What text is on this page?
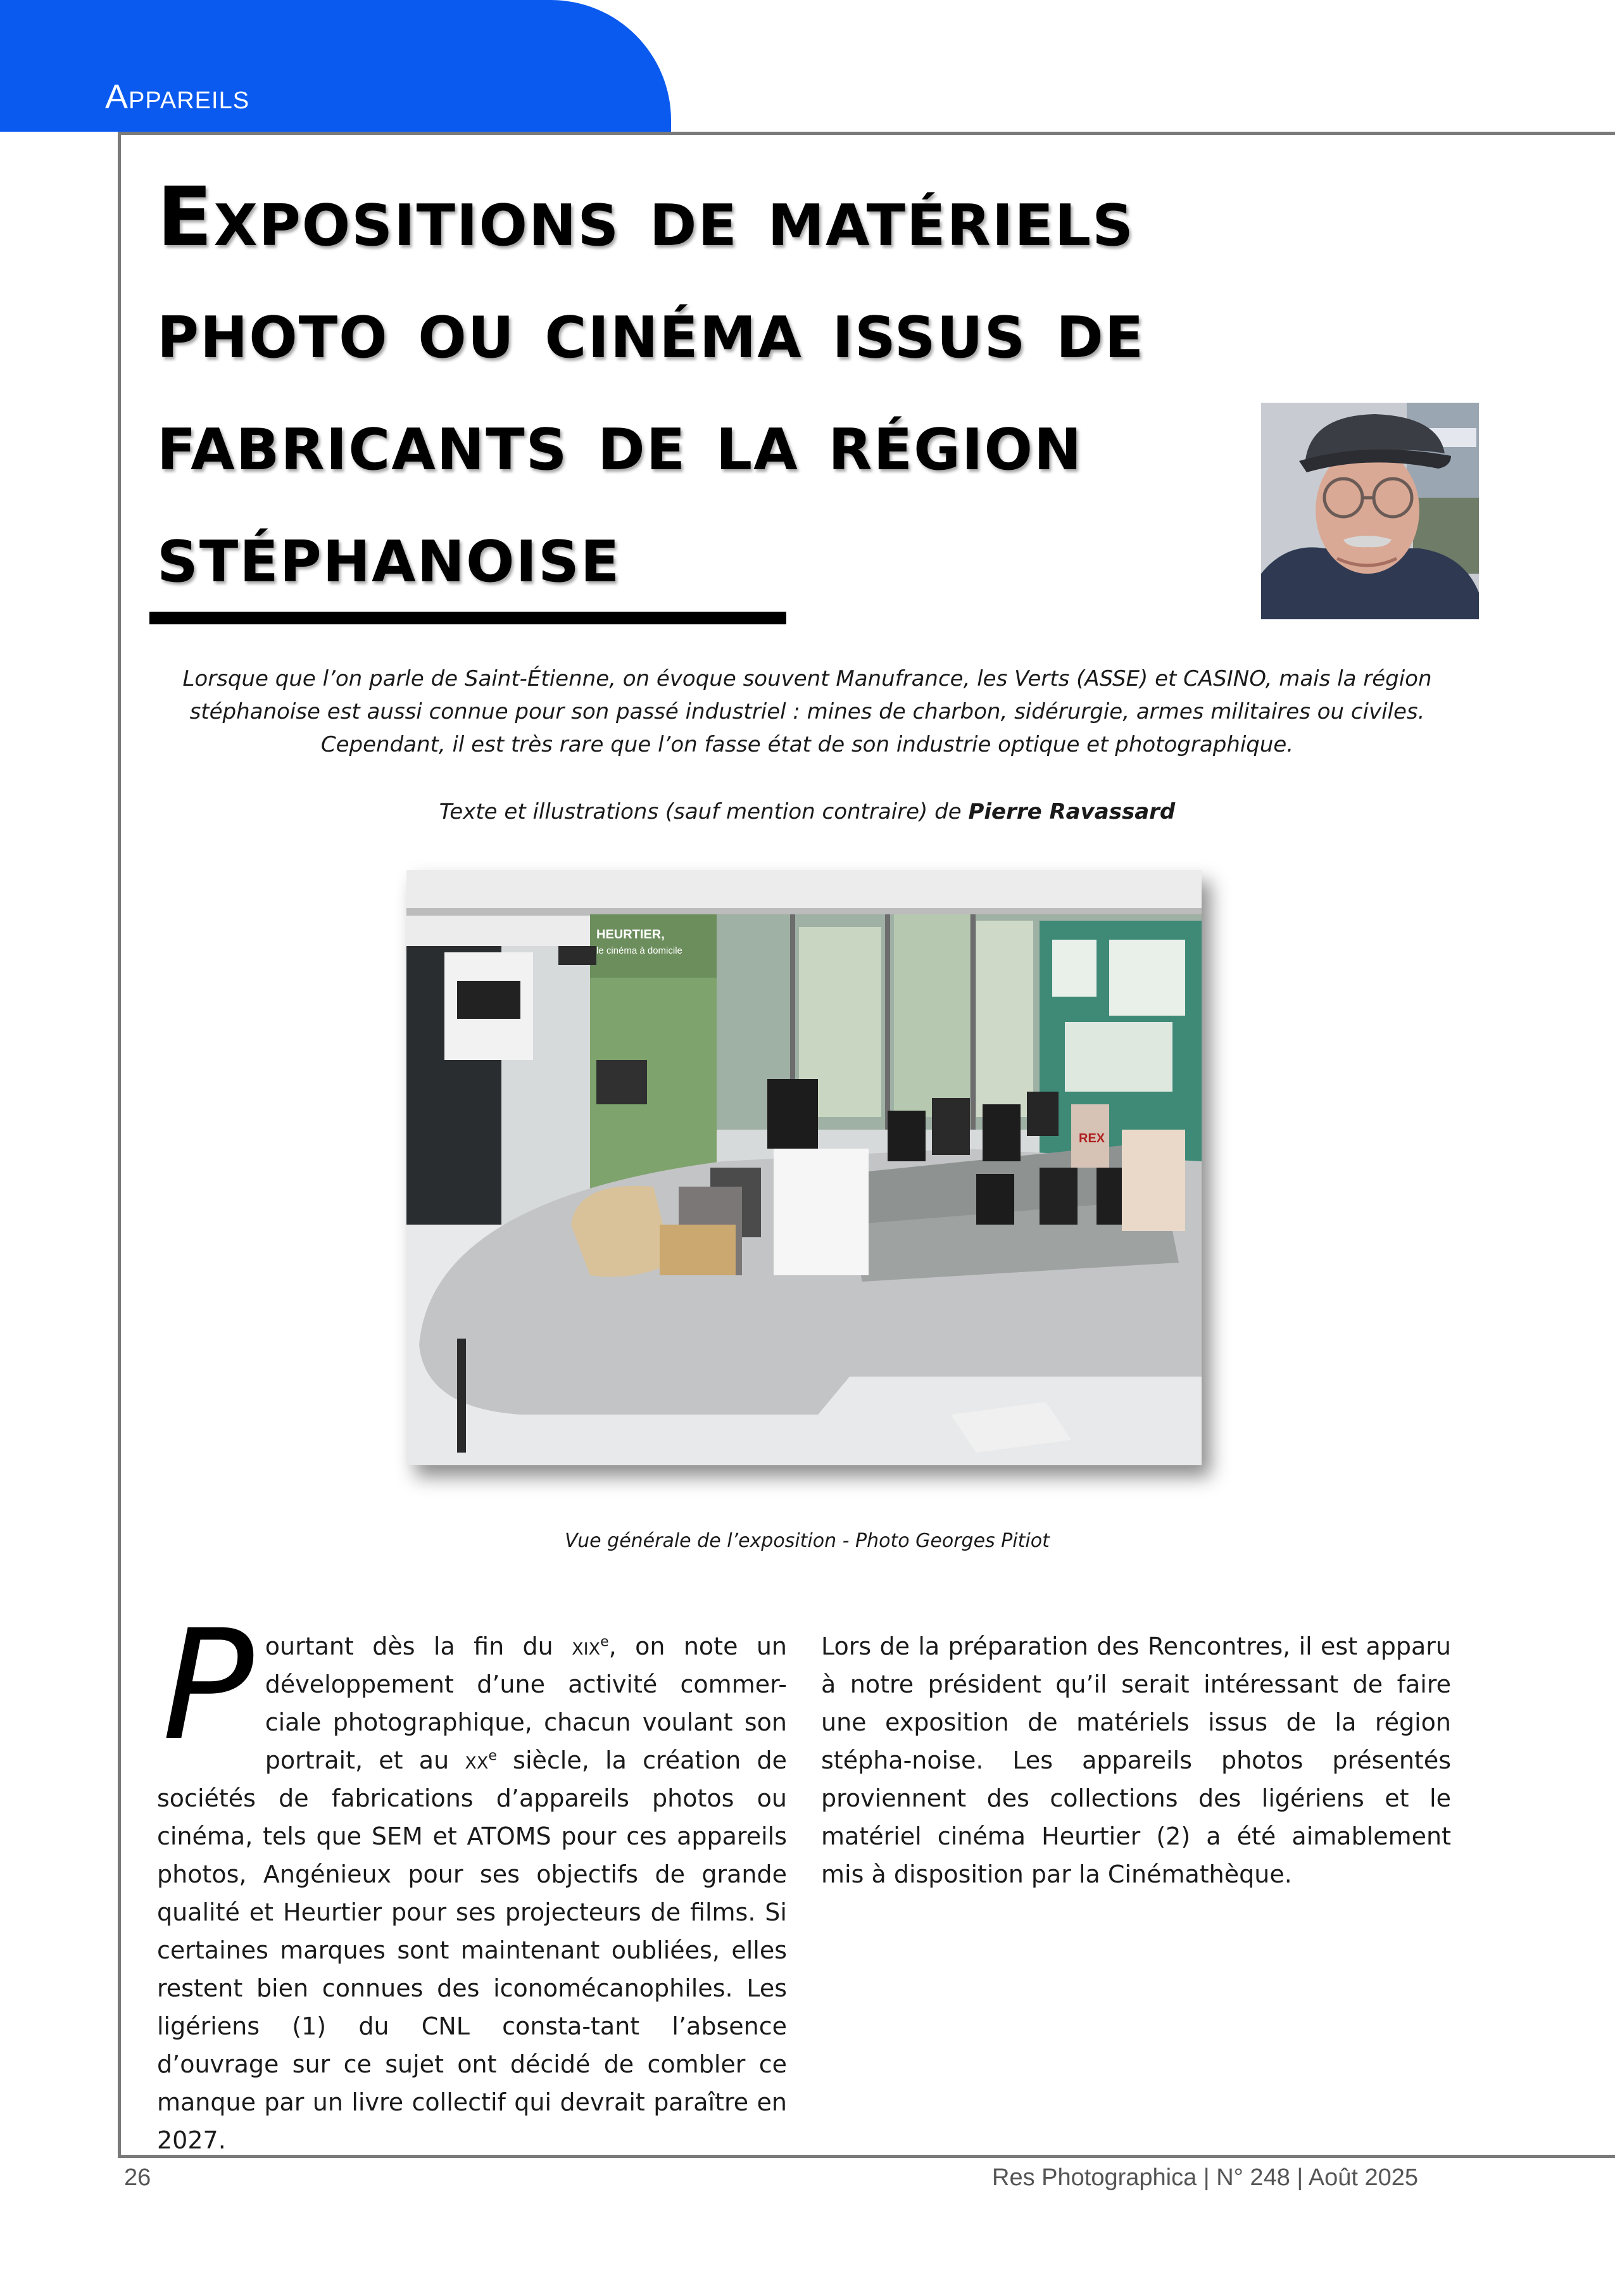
Appareils
Expositions de matériels
photo ou cinéma issus de
fabricants de la région
stéphanoise
Lorsque que l’on parle de Saint-Étienne, on évoque souvent Manufrance, les Verts (ASSE) et CASINO, mais la région
stéphanoise est aussi connue pour son passé industriel : mines de charbon, sidérurgie, armes militaires ou civiles.
Cependant, il est très rare que l’on fasse état de son industrie optique et photographique.
Texte et illustrations (sauf mention contraire) de Pierre Ravassard
HEURTIER,
le cinéma à domicile
REX
Vue générale de l’exposition - Photo Georges Pitiot
Pourtant dès la fin du xix$^e$, on note un développement d’une activité commer-ciale photographique, chacun voulant son portrait, et au $xx^e$ siècle, la création de sociétés de fabrications d’appareils photos ou cinéma, tels que SEM et ATOMS pour ces appareils photos, Angénieux pour ses objectifs de grande qualité et Heurtier pour ses projecteurs de films. Si certaines marques sont maintenant oubliées, elles restent bien connues des iconomécanophiles. Les ligériens (1) du CNL consta-tant l’absence d’ouvrage sur ce sujet ont décidé de combler ce manque par un livre collectif qui devrait paraître en 2027.
Lors de la préparation des Rencontres, il est apparu à notre président qu’il serait intéressant de faire une exposition de matériels issus de la région stépha-noise. Les appareils photos présentés proviennent des collections des ligériens et le matériel cinéma Heurtier (2) a été aimablement mis à disposition par la Cinémathèque.
26	Res Photographica | N° 248 | Août 2025
